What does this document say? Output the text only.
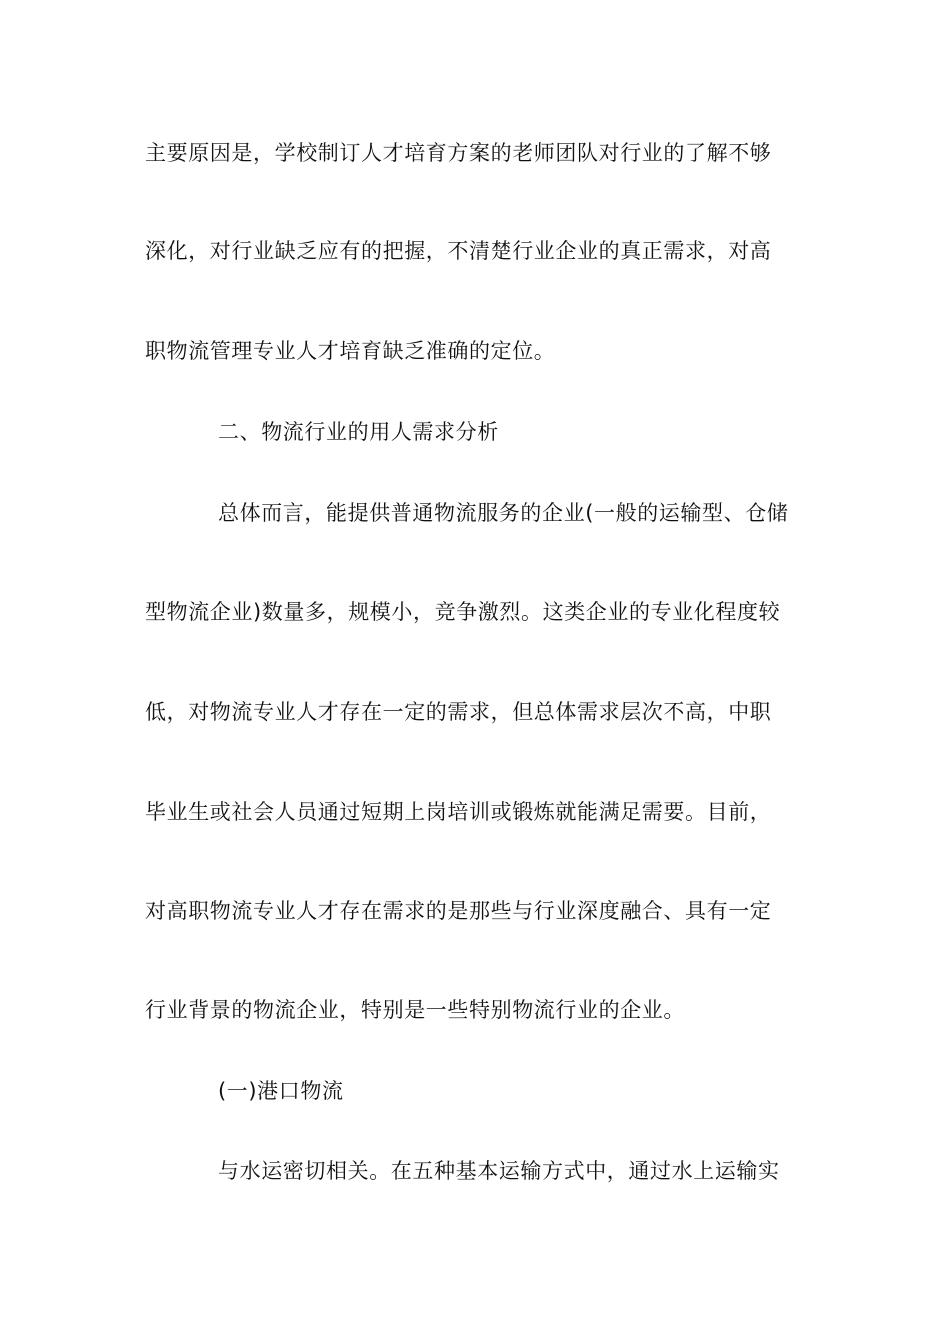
主要原因是，学校制订人才培育方案的老师团队对行业的了解不够
深化，对行业缺乏应有的把握，不清楚行业企业的真正需求，对高
职物流管理专业人才培育缺乏准确的定位。
二、物流行业的用人需求分析
总体而言，能提供普通物流服务的企业(一般的运输型、仓储
型物流企业)数量多，规模小，竞争激烈。这类企业的专业化程度较
低，对物流专业人才存在一定的需求，但总体需求层次不高，中职
毕业生或社会人员通过短期上岗培训或锻炼就能满足需要。目前，
对高职物流专业人才存在需求的是那些与行业深度融合、具有一定
行业背景的物流企业，特别是一些特别物流行业的企业。
(一)港口物流
与水运密切相关。在五种基本运输方式中，通过水上运输实
